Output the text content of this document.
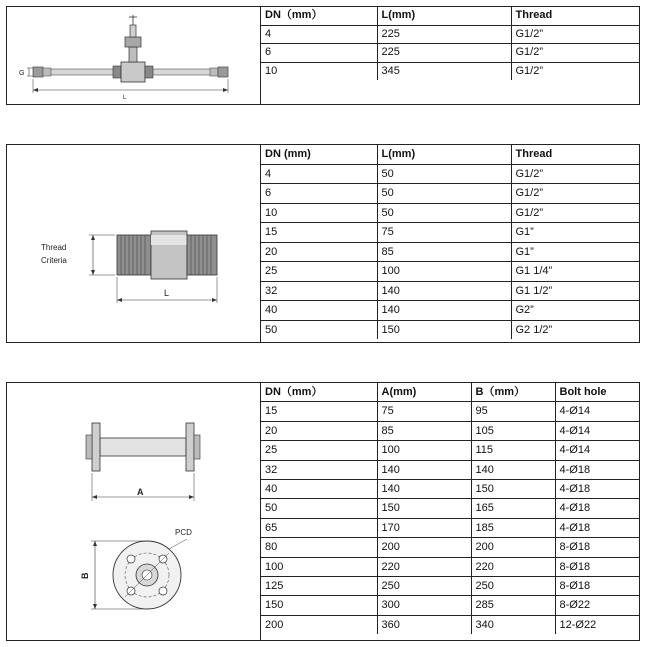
G
L
DN（mm）	L(mm)	Thread
4	225	G1/2”
6	225	G1/2”
10	345	G1/2”
Thread
Criteria
L
DN (mm)	L(mm)	Thread
4	50	G1/2”
6	50	G1/2”
10	50	G1/2”
15	75	G1”
20	85	G1”
25	100	G1 1/4”
32	140	G1 1/2”
40	140	G2”
50	150	G2 1/2”
A
PCD
B
DN（mm）	A(mm)	B（mm）	Bolt hole
15	75	95	4-Ø14
20	85	105	4-Ø14
25	100	115	4-Ø14
32	140	140	4-Ø18
40	140	150	4-Ø18
50	150	165	4-Ø18
65	170	185	4-Ø18
80	200	200	8-Ø18
100	220	220	8-Ø18
125	250	250	8-Ø18
150	300	285	8-Ø22
200	360	340	12-Ø22
